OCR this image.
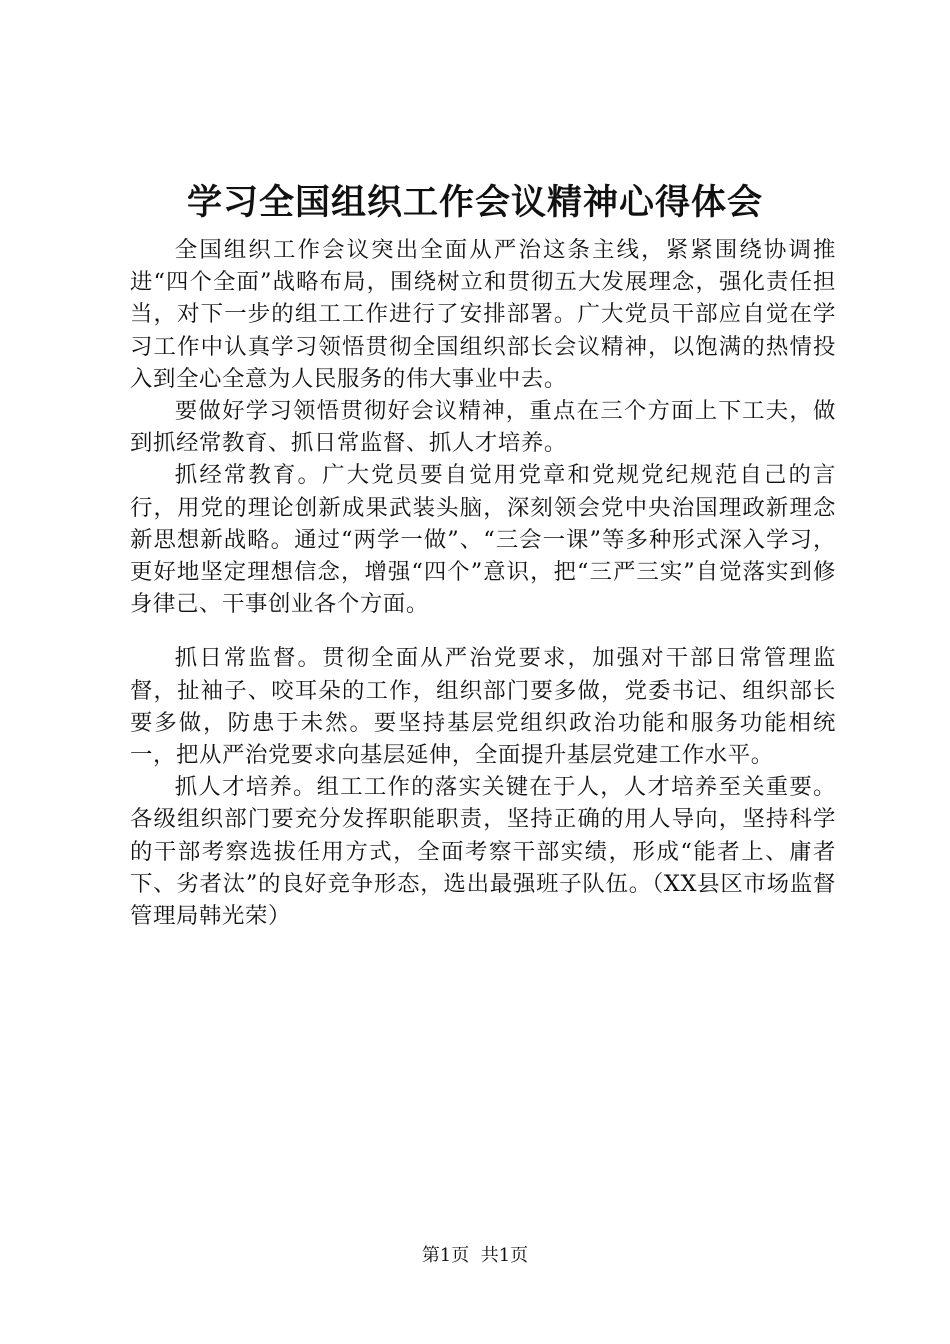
学习全国组织工作会议精神心得体会

全国组织工作会议突出全面从严治这条主线，紧紧围绕协调推进“四个全面”战略布局，围绕树立和贯彻五大发展理念，强化责任担当，对下一步的组工工作进行了安排部署。广大党员干部应自觉在学习工作中认真学习领悟贯彻全国组织部长会议精神，以饱满的热情投入到全心全意为人民服务的伟大事业中去。

要做好学习领悟贯彻好会议精神，重点在三个方面上下工夫，做到抓经常教育、抓日常监督、抓人才培养。

抓经常教育。广大党员要自觉用党章和党规党纪规范自己的言行，用党的理论创新成果武装头脑，深刻领会党中央治国理政新理念新思想新战略。通过“两学一做”、“三会一课”等多种形式深入学习，更好地坚定理想信念，增强“四个”意识，把“三严三实”自觉落实到修身律己、干事创业各个方面。

抓日常监督。贯彻全面从严治党要求，加强对干部日常管理监督，扯袖子、咬耳朵的工作，组织部门要多做，党委书记、组织部长要多做，防患于未然。要坚持基层党组织政治功能和服务功能相统一，把从严治党要求向基层延伸，全面提升基层党建工作水平。

抓人才培养。组工工作的落实关键在于人，人才培养至关重要。各级组织部门要充分发挥职能职责，坚持正确的用人导向，坚持科学的干部考察选拔任用方式，全面考察干部实绩，形成“能者上、庸者下、劣者汰”的良好竞争形态，选出最强班子队伍。（XX县区市场监督管理局韩光荣）

第1页  共1页
